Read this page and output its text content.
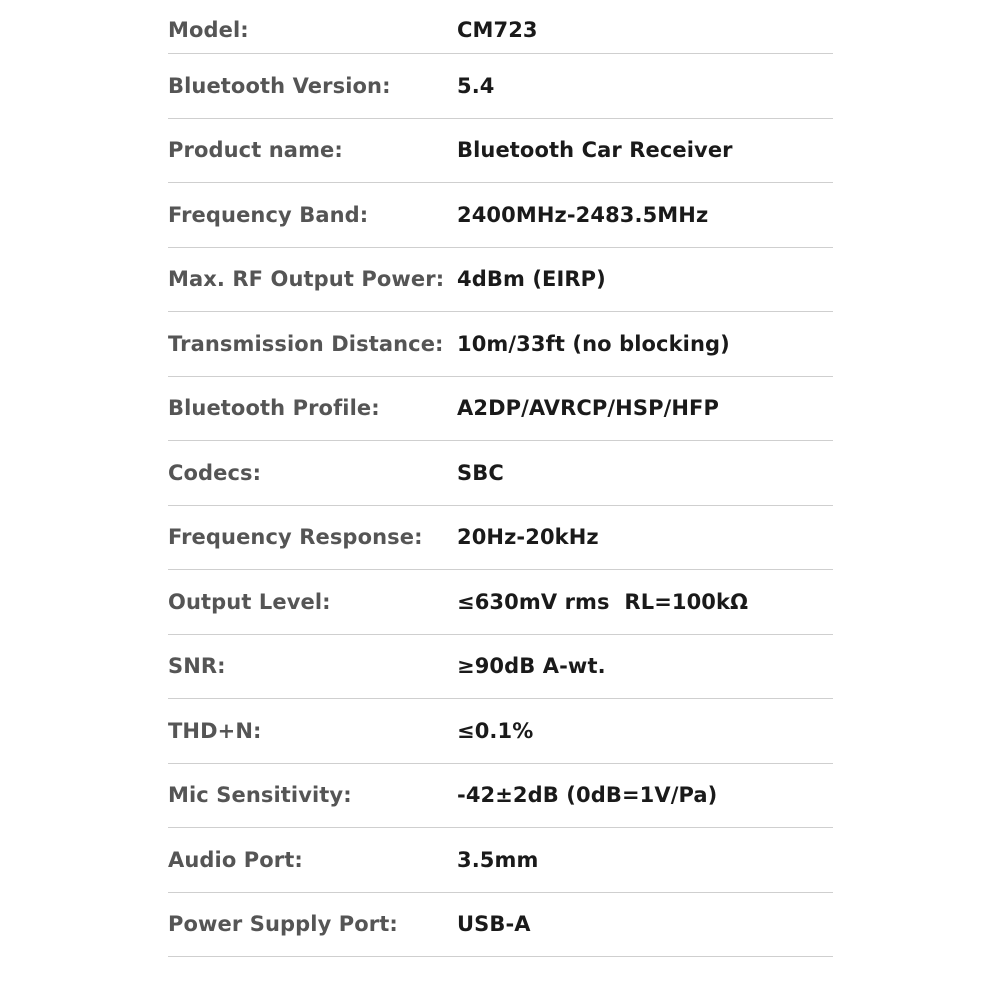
Model:	CM723
Bluetooth Version:	5.4
Product name:	Bluetooth Car Receiver
Frequency Band:	2400MHz-2483.5MHz
Max. RF Output Power: 4dBm (EIRP)
Transmission Distance: 10m/33ft (no blocking)
Bluetooth Profile:	A2DP/AVRCP/HSP/HFP
Codecs:	SBC
Frequency Response: 20Hz-20kHz
Output Level:	≤630mV rms  RL=100kΩ
SNR:	≥90dB A-wt.
THD+N:	≤0.1%
Mic Sensitivity:	-42±2dB (0dB=1V/Pa)
Audio Port:	3.5mm
Power Supply Port:	USB-A
